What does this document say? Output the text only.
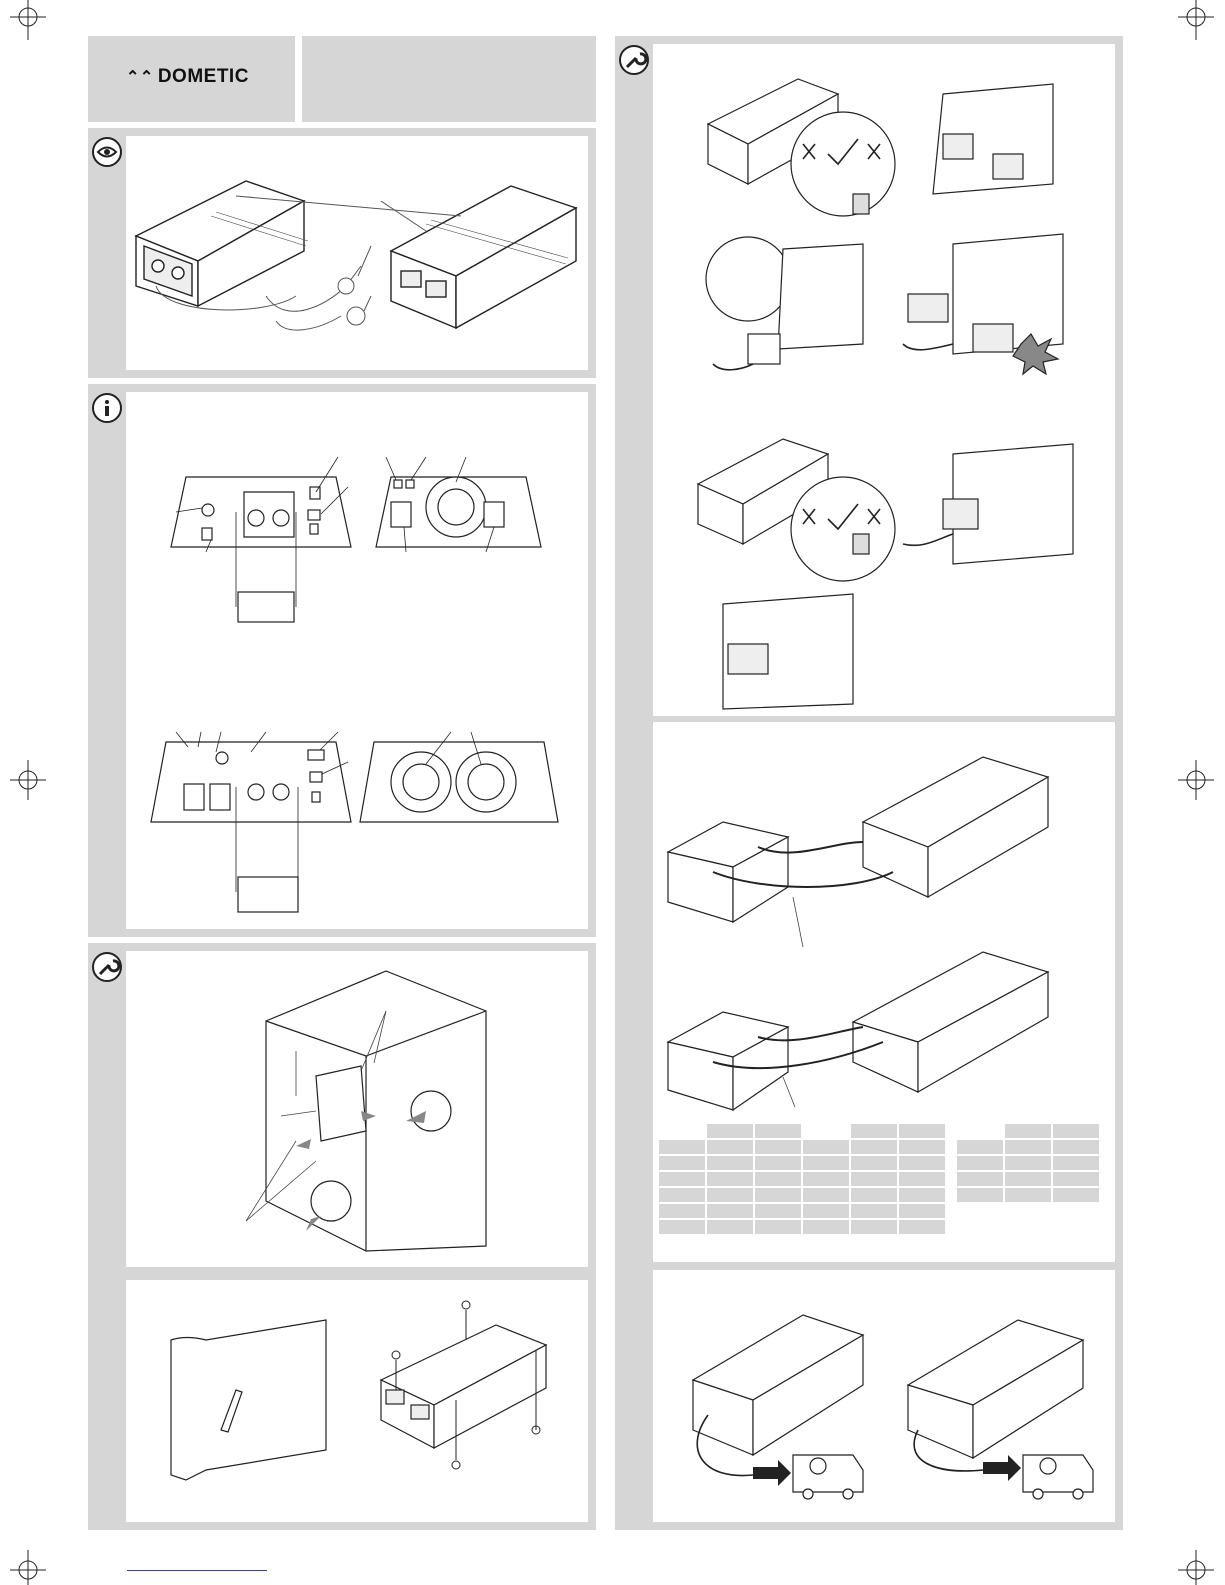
⌃⌃ DOMETIC
